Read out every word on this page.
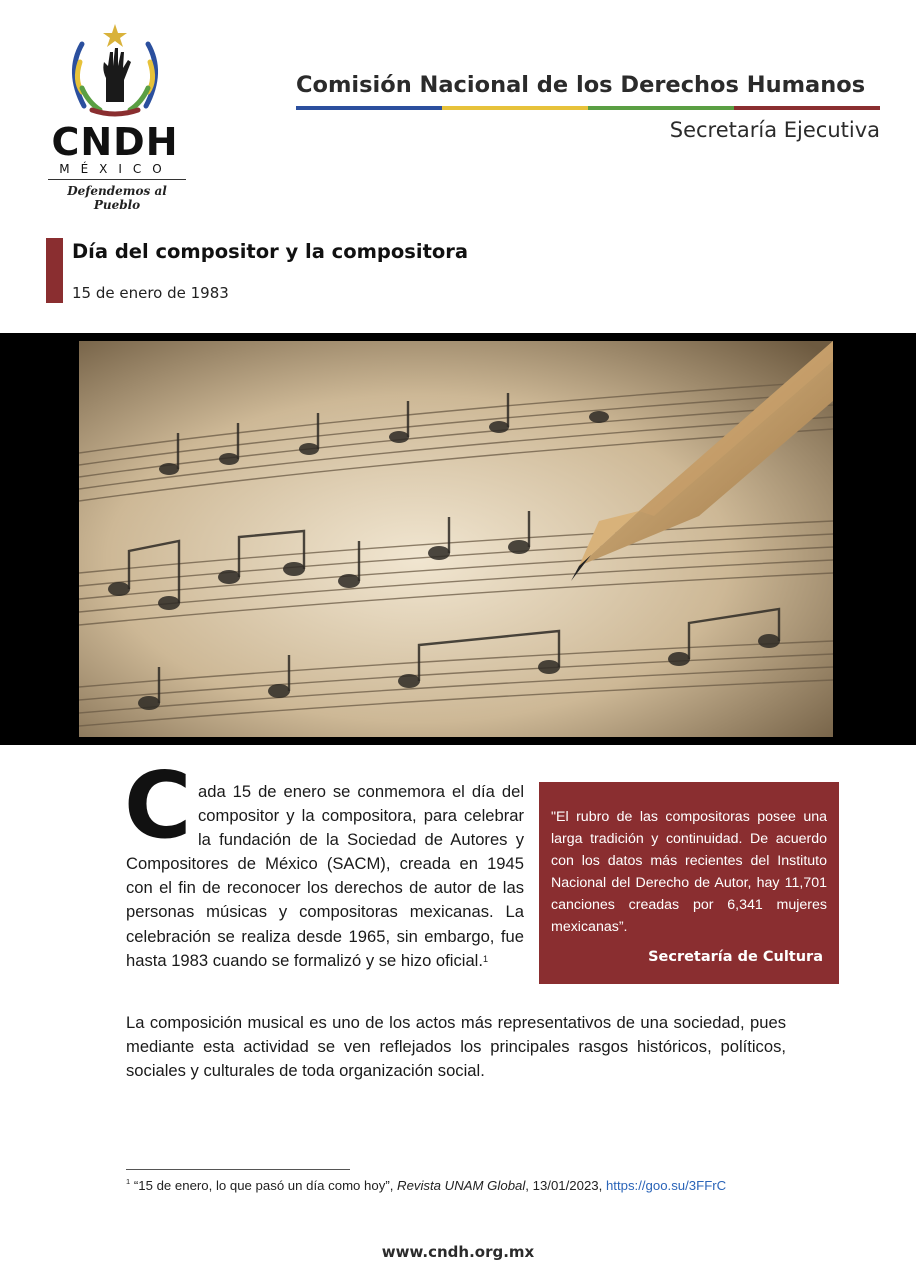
CNDH
MÉXICO
Defendemos al Pueblo
Comisión Nacional de los Derechos Humanos
Secretaría Ejecutiva
Día del compositor y la compositora
15 de enero de 1983
C ada 15 de enero se conmemora el día del compositor y la compositora, para celebrar la fundación de la Sociedad de Autores y Compositores de México (SACM), creada en 1945 con el fin de reconocer los derechos de autor de las personas músicas y compositoras mexicanas. La celebración se realiza desde 1965, sin embargo, fue hasta 1983 cuando se formalizó y se hizo oficial.$^1$
"El rubro de las compositoras posee una larga tradición y continuidad. De acuerdo con los datos más recientes del Instituto Nacional del Derecho de Autor, hay 11,701 canciones creadas por 6,341 mujeres mexicanas”.
Secretaría de Cultura
La composición musical es uno de los actos más representativos de una sociedad, pues mediante esta actividad se ven reflejados los principales rasgos históricos, políticos, sociales y culturales de toda organización social.
$^1$ “15 de enero, lo que pasó un día como hoy”, Revista UNAM Global, 13/01/2023, https://goo.su/3FFrC
www.cndh.org.mx
